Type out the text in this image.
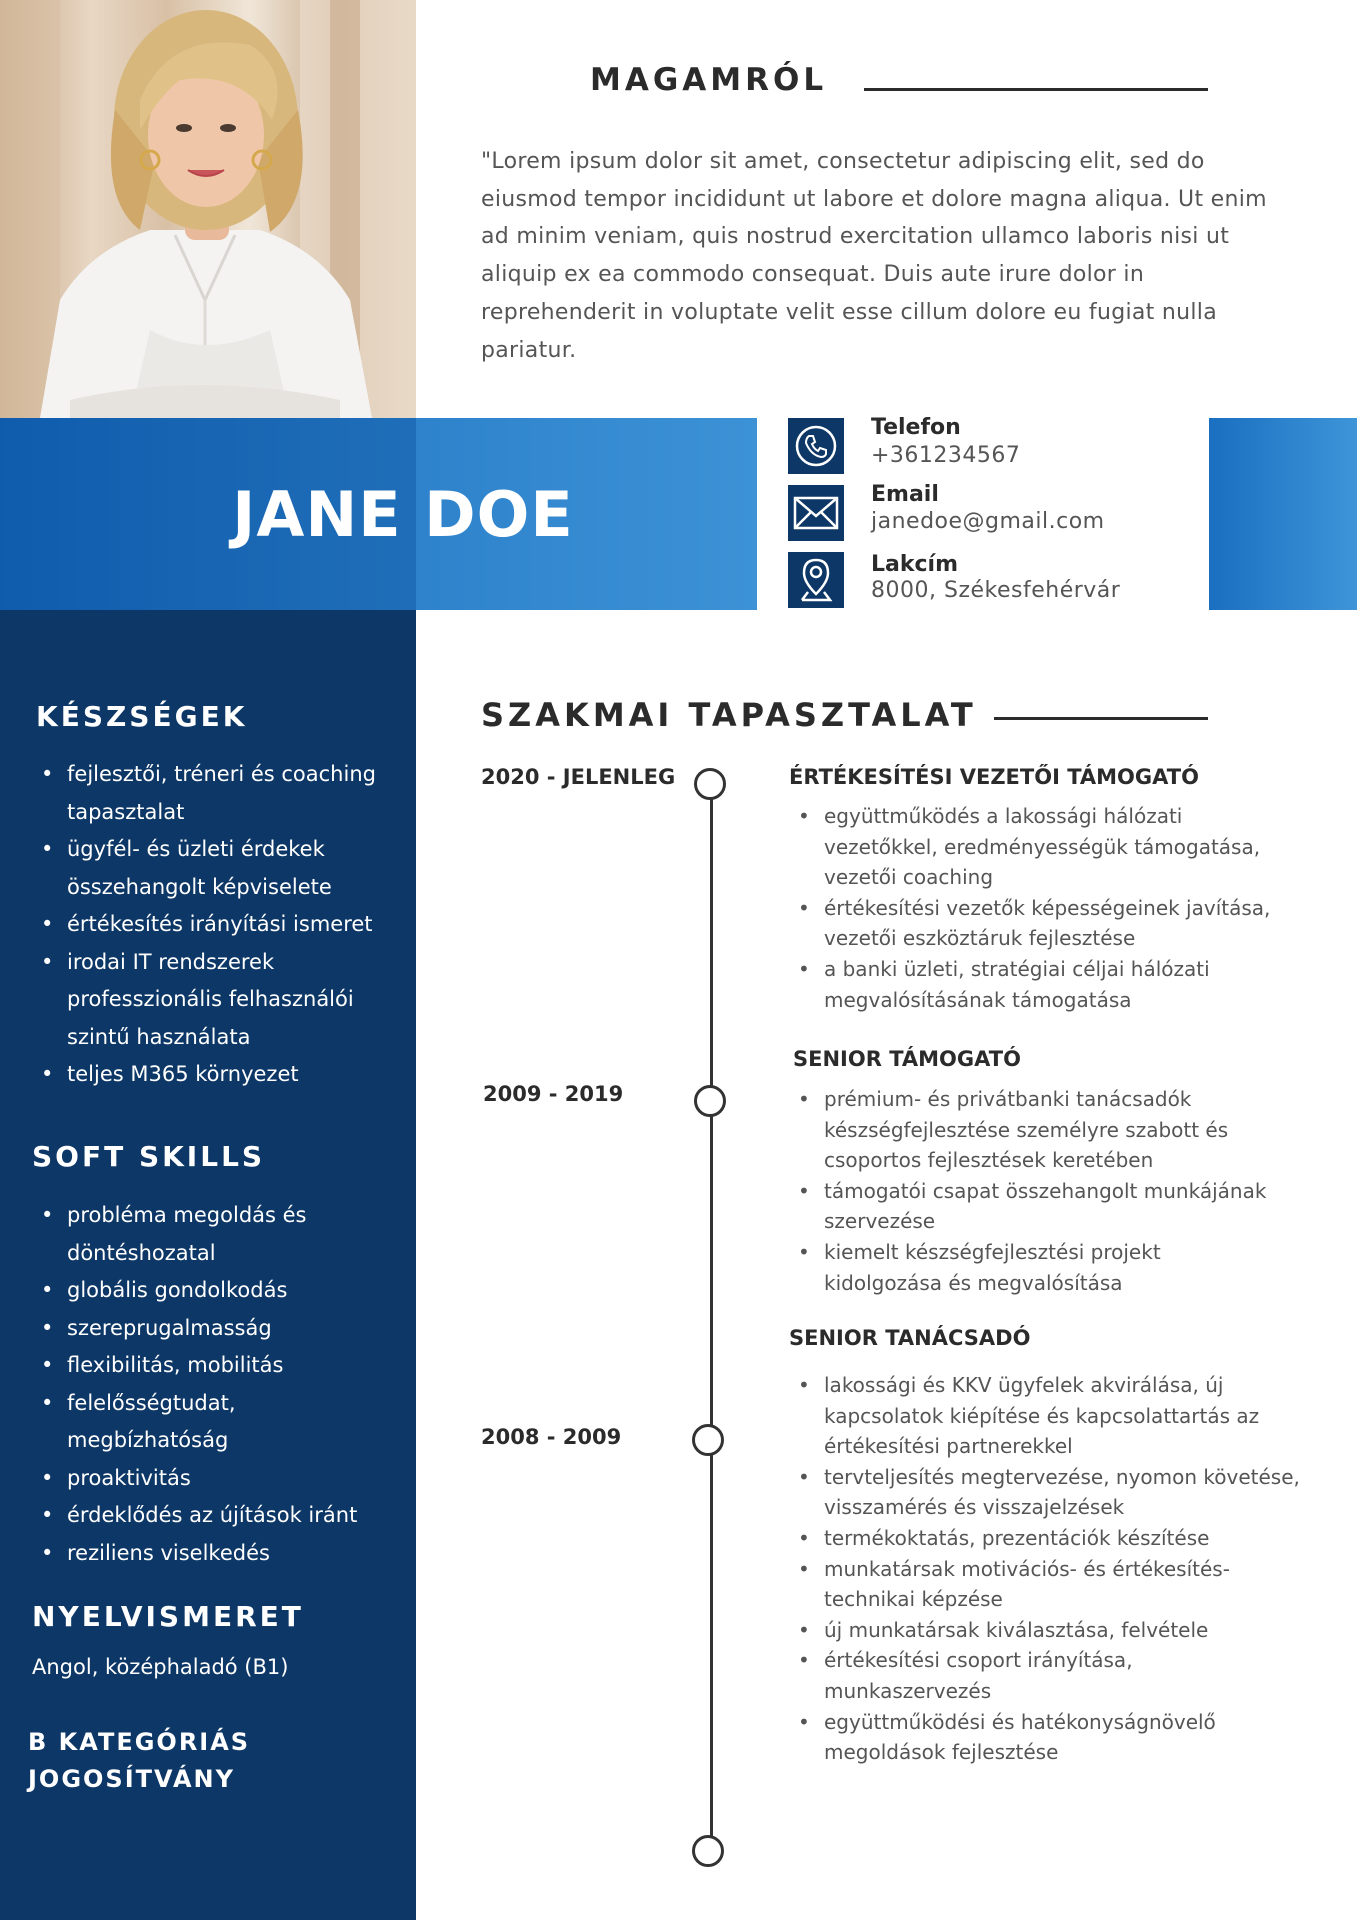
JANE DOE
MAGAMRÓL
"Lorem ipsum dolor sit amet, consectetur adipiscing elit, sed do eiusmod tempor incididunt ut labore et dolore magna aliqua. Ut enim ad minim veniam, quis nostrud exercitation ullamco laboris nisi ut aliquip ex ea commodo consequat. Duis aute irure dolor in reprehenderit in voluptate velit esse cillum dolore eu fugiat nulla pariatur.
Telefon
+361234567
Email
janedoe@gmail.com
Lakcím
8000, Székesfehérvár
KÉSZSÉGEK
• fejlesztői, tréneri és coaching tapasztalat
• ügyfél- és üzleti érdekek összehangolt képviselete
• értékesítés irányítási ismeret
• irodai IT rendszerek professzionális felhasználói szintű használata
• teljes M365 környezet
SOFT SKILLS
• probléma megoldás és döntéshozatal
• globális gondolkodás
• szereprugalmasság
• flexibilitás, mobilitás
• felelősségtudat, megbízhatóság
• proaktivitás
• érdeklődés az újítások iránt
• reziliens viselkedés
NYELVISMERET
Angol, középhaladó (B1)
B KATEGÓRIÁS
JOGOSÍTVÁNY
SZAKMAI TAPASZTALAT
2020 - JELENLEG
2009 - 2019
2008 - 2009
ÉRTÉKESÍTÉSI VEZETŐI TÁMOGATÓ
• együttműködés a lakossági hálózati vezetőkkel, eredményességük támogatása, vezetői coaching
• értékesítési vezetők képességeinek javítása, vezetői eszköztáruk fejlesztése
• a banki üzleti, stratégiai céljai hálózati megvalósításának támogatása
SENIOR TÁMOGATÓ
• prémium- és privátbanki tanácsadók készségfejlesztése személyre szabott és csoportos fejlesztések keretében
• támogatói csapat összehangolt munkájának szervezése
• kiemelt készségfejlesztési projekt kidolgozása és megvalósítása
SENIOR TANÁCSADÓ
• lakossági és KKV ügyfelek akvirálása, új kapcsolatok kiépítése és kapcsolattartás az értékesítési partnerekkel
• tervteljesítés megtervezése, nyomon követése, visszamérés és visszajelzések
• termékoktatás, prezentációk készítése
• munkatársak motivációs- és értékesítés-technikai képzése
• új munkatársak kiválasztása, felvétele
• értékesítési csoport irányítása, munkaszervezés
• együttműködési és hatékonyságnövelő megoldások fejlesztése
